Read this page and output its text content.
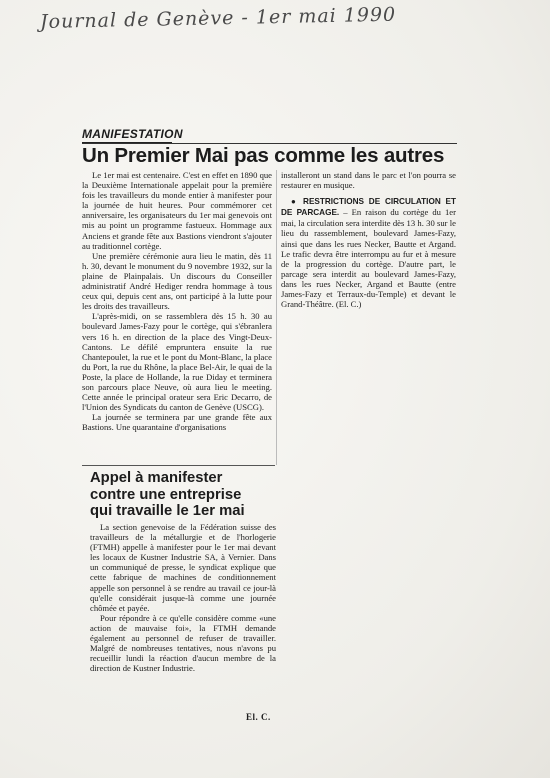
Journal de Genève - 1er mai 1990
MANIFESTATION
Un Premier Mai pas comme les autres

Le 1er mai est centenaire. C'est en effet en 1890 que la Deuxième Internationale appelait pour la première fois les travailleurs du monde entier à manifester pour la journée de huit heures. Pour commémorer cet anniversaire, les organisateurs du 1er mai genevois ont mis au point un programme fastueux. Hommage aux Anciens et grande fête aux Bastions viendront s'ajouter au traditionnel cortège.

Une première cérémonie aura lieu le matin, dès 11 h. 30, devant le monument du 9 novembre 1932, sur la plaine de Plainpalais. Un discours du Conseiller administratif André Hediger rendra hommage à tous ceux qui, depuis cent ans, ont participé à la lutte pour les droits des travailleurs.

L'après-midi, on se rassemblera dès 15 h. 30 au boulevard James-Fazy pour le cortège, qui s'ébranlera vers 16 h. en direction de la place des Vingt-Deux-Cantons. Le défilé empruntera ensuite la rue Chantepoulet, la rue et le pont du Mont-Blanc, la place du Port, la rue du Rhône, la place Bel-Air, le quai de la Poste, la place de Hollande, la rue Diday et terminera son parcours place Neuve, où aura lieu le meeting. Cette année le principal orateur sera Eric Decarro, de l'Union des Syndicats du canton de Genève (USCG).

La journée se terminera par une grande fête aux Bastions. Une quarantaine d'organisations

installeront un stand dans le parc et l'on pourra se restaurer en musique.

● RESTRICTIONS DE CIRCULATION ET DE PARCAGE. – En raison du cortège du 1er mai, la circulation sera interdite dès 13 h. 30 sur le lieu du rassemblement, boulevard James-Fazy, ainsi que dans les rues Necker, Bautte et Argand. Le trafic devra être interrompu au fur et à mesure de la progression du cortège. D'autre part, le parcage sera interdit au boulevard James-Fazy, dans les rues Necker, Argand et Bautte (entre James-Fazy et Terraux-du-Temple) et devant le Grand-Théâtre. (El. C.)

Appel à manifester
contre une entreprise
qui travaille le 1er mai

La section genevoise de la Fédération suisse des travailleurs de la métallurgie et de l'horlogerie (FTMH) appelle à manifester pour le 1er mai devant les locaux de Kustner Industrie SA, à Vernier. Dans un communiqué de presse, le syndicat explique que cette fabrique de machines de conditionnement appelle son personnel à se rendre au travail ce jour-là qu'elle considérait jusque-là comme une journée chômée et payée.

Pour répondre à ce qu'elle considère comme «une action de mauvaise foi», la FTMH demande également au personnel de refuser de travailler. Malgré de nombreuses tentatives, nous n'avons pu recueillir lundi la réaction d'aucun membre de la direction de Kustner Industrie.

El. C.
